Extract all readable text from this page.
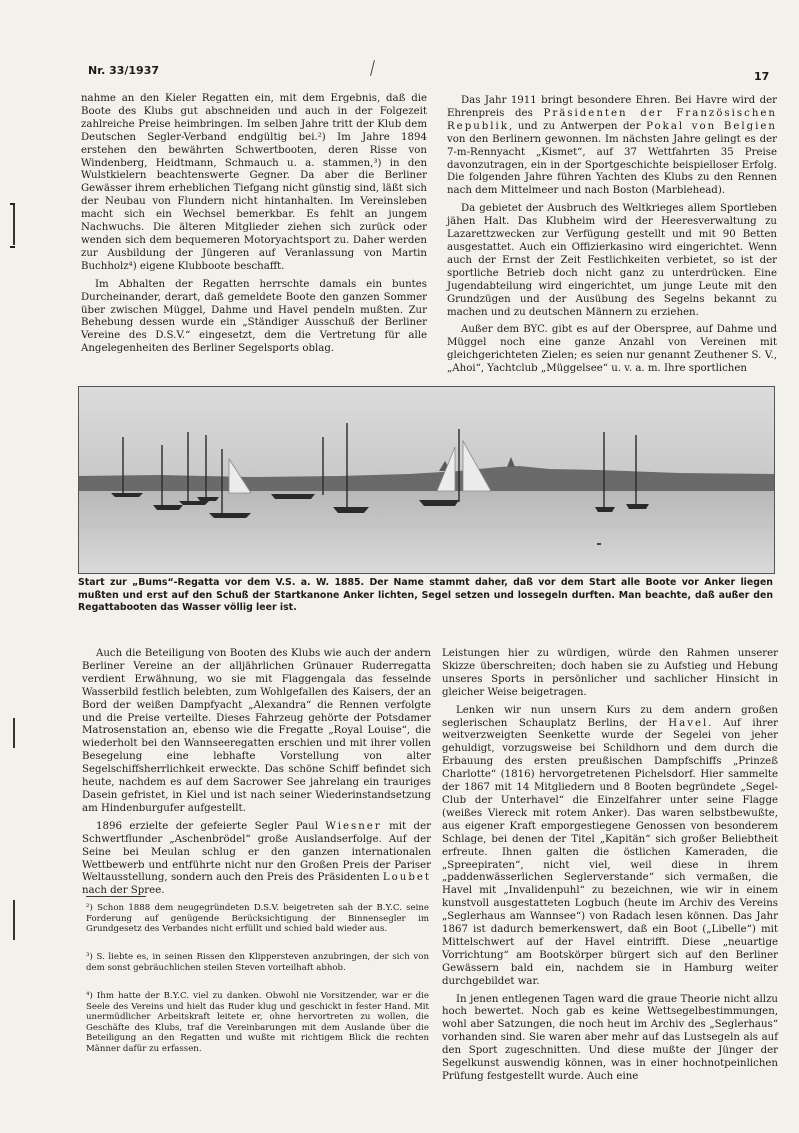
Nr. 33/1937	17

nahme an den Kieler Regatten ein, mit dem Ergebnis, daß die Boote des Klubs gut abschneiden und auch in der Folgezeit zahlreiche Preise heimbringen. Im selben Jahre tritt der Klub dem Deutschen Segler-Verband endgültig bei.²) Im Jahre 1894 erstehen den bewährten Schwertbooten, deren Risse von Windenberg, Heidtmann, Schmauch u. a. stammen,³) in den Wulstkielern beachtenswerte Gegner. Da aber die Berliner Gewässer ihrem erheblichen Tiefgang nicht günstig sind, läßt sich der Neubau von Flundern nicht hintanhalten. Im Vereinsleben macht sich ein Wechsel bemerkbar. Es fehlt an jungem Nachwuchs. Die älteren Mitglieder ziehen sich zurück oder wenden sich dem bequemeren Motoryachtsport zu. Daher werden zur Ausbildung der Jüngeren auf Veranlassung von Martin Buchholz⁴) eigene Klubboote beschafft.

Im Abhalten der Regatten herrschte damals ein buntes Durcheinander, derart, daß gemeldete Boote den ganzen Sommer über zwischen Müggel, Dahme und Havel pendeln mußten. Zur Behebung dessen wurde ein „Ständiger Ausschuß der Berliner Vereine des D.S.V.“ eingesetzt, dem die Vertretung für alle Angelegenheiten des Berliner Segelsports oblag.

Das Jahr 1911 bringt besondere Ehren. Bei Havre wird der Ehrenpreis des Präsidenten der Französischen Republik, und zu Antwerpen der Pokal von Belgien von den Berlinern gewonnen. Im nächsten Jahre gelingt es der 7-m-Rennyacht „Kismet“, auf 37 Wettfahrten 35 Preise davonzutragen, ein in der Sportgeschichte beispielloser Erfolg. Die folgenden Jahre führen Yachten des Klubs zu den Rennen nach dem Mittelmeer und nach Boston (Marblehead).

Da gebietet der Ausbruch des Weltkrieges allem Sportleben jähen Halt. Das Klubheim wird der Heeresverwaltung zu Lazarettzwecken zur Verfügung gestellt und mit 90 Betten ausgestattet. Auch ein Offizierkasino wird eingerichtet. Wenn auch der Ernst der Zeit Festlichkeiten verbietet, so ist der sportliche Betrieb doch nicht ganz zu unterdrücken. Eine Jugendabteilung wird eingerichtet, um junge Leute mit den Grundzügen und der Ausübung des Segelns bekannt zu machen und zu deutschen Männern zu erziehen.

Außer dem BYC. gibt es auf der Oberspree, auf Dahme und Müggel noch eine ganze Anzahl von Vereinen mit gleichgerichteten Zielen; es seien nur genannt Zeuthener S. V., „Ahoi“, Yachtclub „Müggelsee“ u. v. a. m. Ihre sportlichen

Start zur „Bums“-Regatta vor dem V.S. a. W. 1885. Der Name stammt daher, daß vor dem Start alle Boote vor Anker liegen mußten und erst auf den Schuß der Startkanone Anker lichten, Segel setzen und lossegeln durften. Man beachte, daß außer den Regattabooten das Wasser völlig leer ist.

Auch die Beteiligung von Booten des Klubs wie auch der andern Berliner Vereine an der alljährlichen Grünauer Ruderregatta verdient Erwähnung, wo sie mit Flaggengala das fesselnde Wasserbild festlich belebten, zum Wohlgefallen des Kaisers, der an Bord der weißen Dampfyacht „Alexandra“ die Rennen verfolgte und die Preise verteilte. Dieses Fahrzeug gehörte der Potsdamer Matrosenstation an, ebenso wie die Fregatte „Royal Louise“, die wiederholt bei den Wannseeregatten erschien und mit ihrer vollen Besegelung eine lebhafte Vorstellung von alter Segelschiffsherrlichkeit erweckte. Das schöne Schiff befindet sich heute, nachdem es auf dem Sacrower See jahrelang ein trauriges Dasein gefristet, in Kiel und ist nach seiner Wiederinstandsetzung am Hindenburgufer aufgestellt.

1896 erzielte der gefeierte Segler Paul Wiesner mit der Schwertflunder „Aschenbrödel“ große Auslandserfolge. Auf der Seine bei Meulan schlug er den ganzen internationalen Wettbewerb und entführte nicht nur den Großen Preis der Pariser Weltausstellung, sondern auch den Preis des Präsidenten Loubet nach der Spree.

²) Schon 1888 dem neugegründeten D.S.V. beigetreten sah der B.Y.C. seine Forderung auf genügende Berücksichtigung der Binnensegler im Grundgesetz des Verbandes nicht erfüllt und schied bald wieder aus.
³) S. liebte es, in seinen Rissen den Klippersteven anzubringen, der sich von dem sonst gebräuchlichen steilen Steven vorteilhaft abhob.
⁴) Ihm hatte der B.Y.C. viel zu danken. Obwohl nie Vorsitzender, war er die Seele des Vereins und hielt das Ruder klug und geschickt in fester Hand. Mit unermüdlicher Arbeitskraft leitete er, ohne hervortreten zu wollen, die Geschäfte des Klubs, traf die Vereinbarungen mit dem Auslande über die Beteiligung an den Regatten und wußte mit richtigem Blick die rechten Männer dafür zu erfassen.

Leistungen hier zu würdigen, würde den Rahmen unserer Skizze überschreiten; doch haben sie zu Aufstieg und Hebung unseres Sports in persönlicher und sachlicher Hinsicht in gleicher Weise beigetragen.

Lenken wir nun unsern Kurs zu dem andern großen seglerischen Schauplatz Berlins, der Havel. Auf ihrer weitverzweigten Seenkette wurde der Segelei von jeher gehuldigt, vorzugsweise bei Schildhorn und dem durch die Erbauung des ersten preußischen Dampfschiffs „Prinzeß Charlotte“ (1816) hervorgetretenen Pichelsdorf. Hier sammelte der 1867 mit 14 Mitgliedern und 8 Booten begründete „Segel-Club der Unterhavel“ die Einzelfahrer unter seine Flagge (weißes Viereck mit rotem Anker). Das waren selbstbewußte, aus eigener Kraft emporgestiegene Genossen von besonderem Schlage, bei denen der Titel „Kapitän“ sich großer Beliebtheit erfreute. Ihnen galten die östlichen Kameraden, die „Spreepiraten“, nicht viel, weil diese in ihrem „paddenwässerlichen Seglerverstande“ sich vermaßen, die Havel mit „Invalidenpuhl“ zu bezeichnen, wie wir in einem kunstvoll ausgestatteten Logbuch (heute im Archiv des Vereins „Seglerhaus am Wannsee“) von Radach lesen können. Das Jahr 1867 ist dadurch bemerkenswert, daß ein Boot („Libelle“) mit Mittelschwert auf der Havel eintrifft. Diese „neuartige Vorrichtung“ am Bootskörper bürgert sich auf den Berliner Gewässern bald ein, nachdem sie in Hamburg weiter durchgebildet war.

In jenen entlegenen Tagen ward die graue Theorie nicht allzu hoch bewertet. Noch gab es keine Wettsegelbestimmungen, wohl aber Satzungen, die noch heut im Archiv des „Seglerhaus“ vorhanden sind. Sie waren aber mehr auf das Lustsegeln als auf den Sport zugeschnitten. Und diese mußte der Jünger der Segelkunst auswendig können, was in einer hochnotpeinlichen Prüfung festgestellt wurde. Auch eine
